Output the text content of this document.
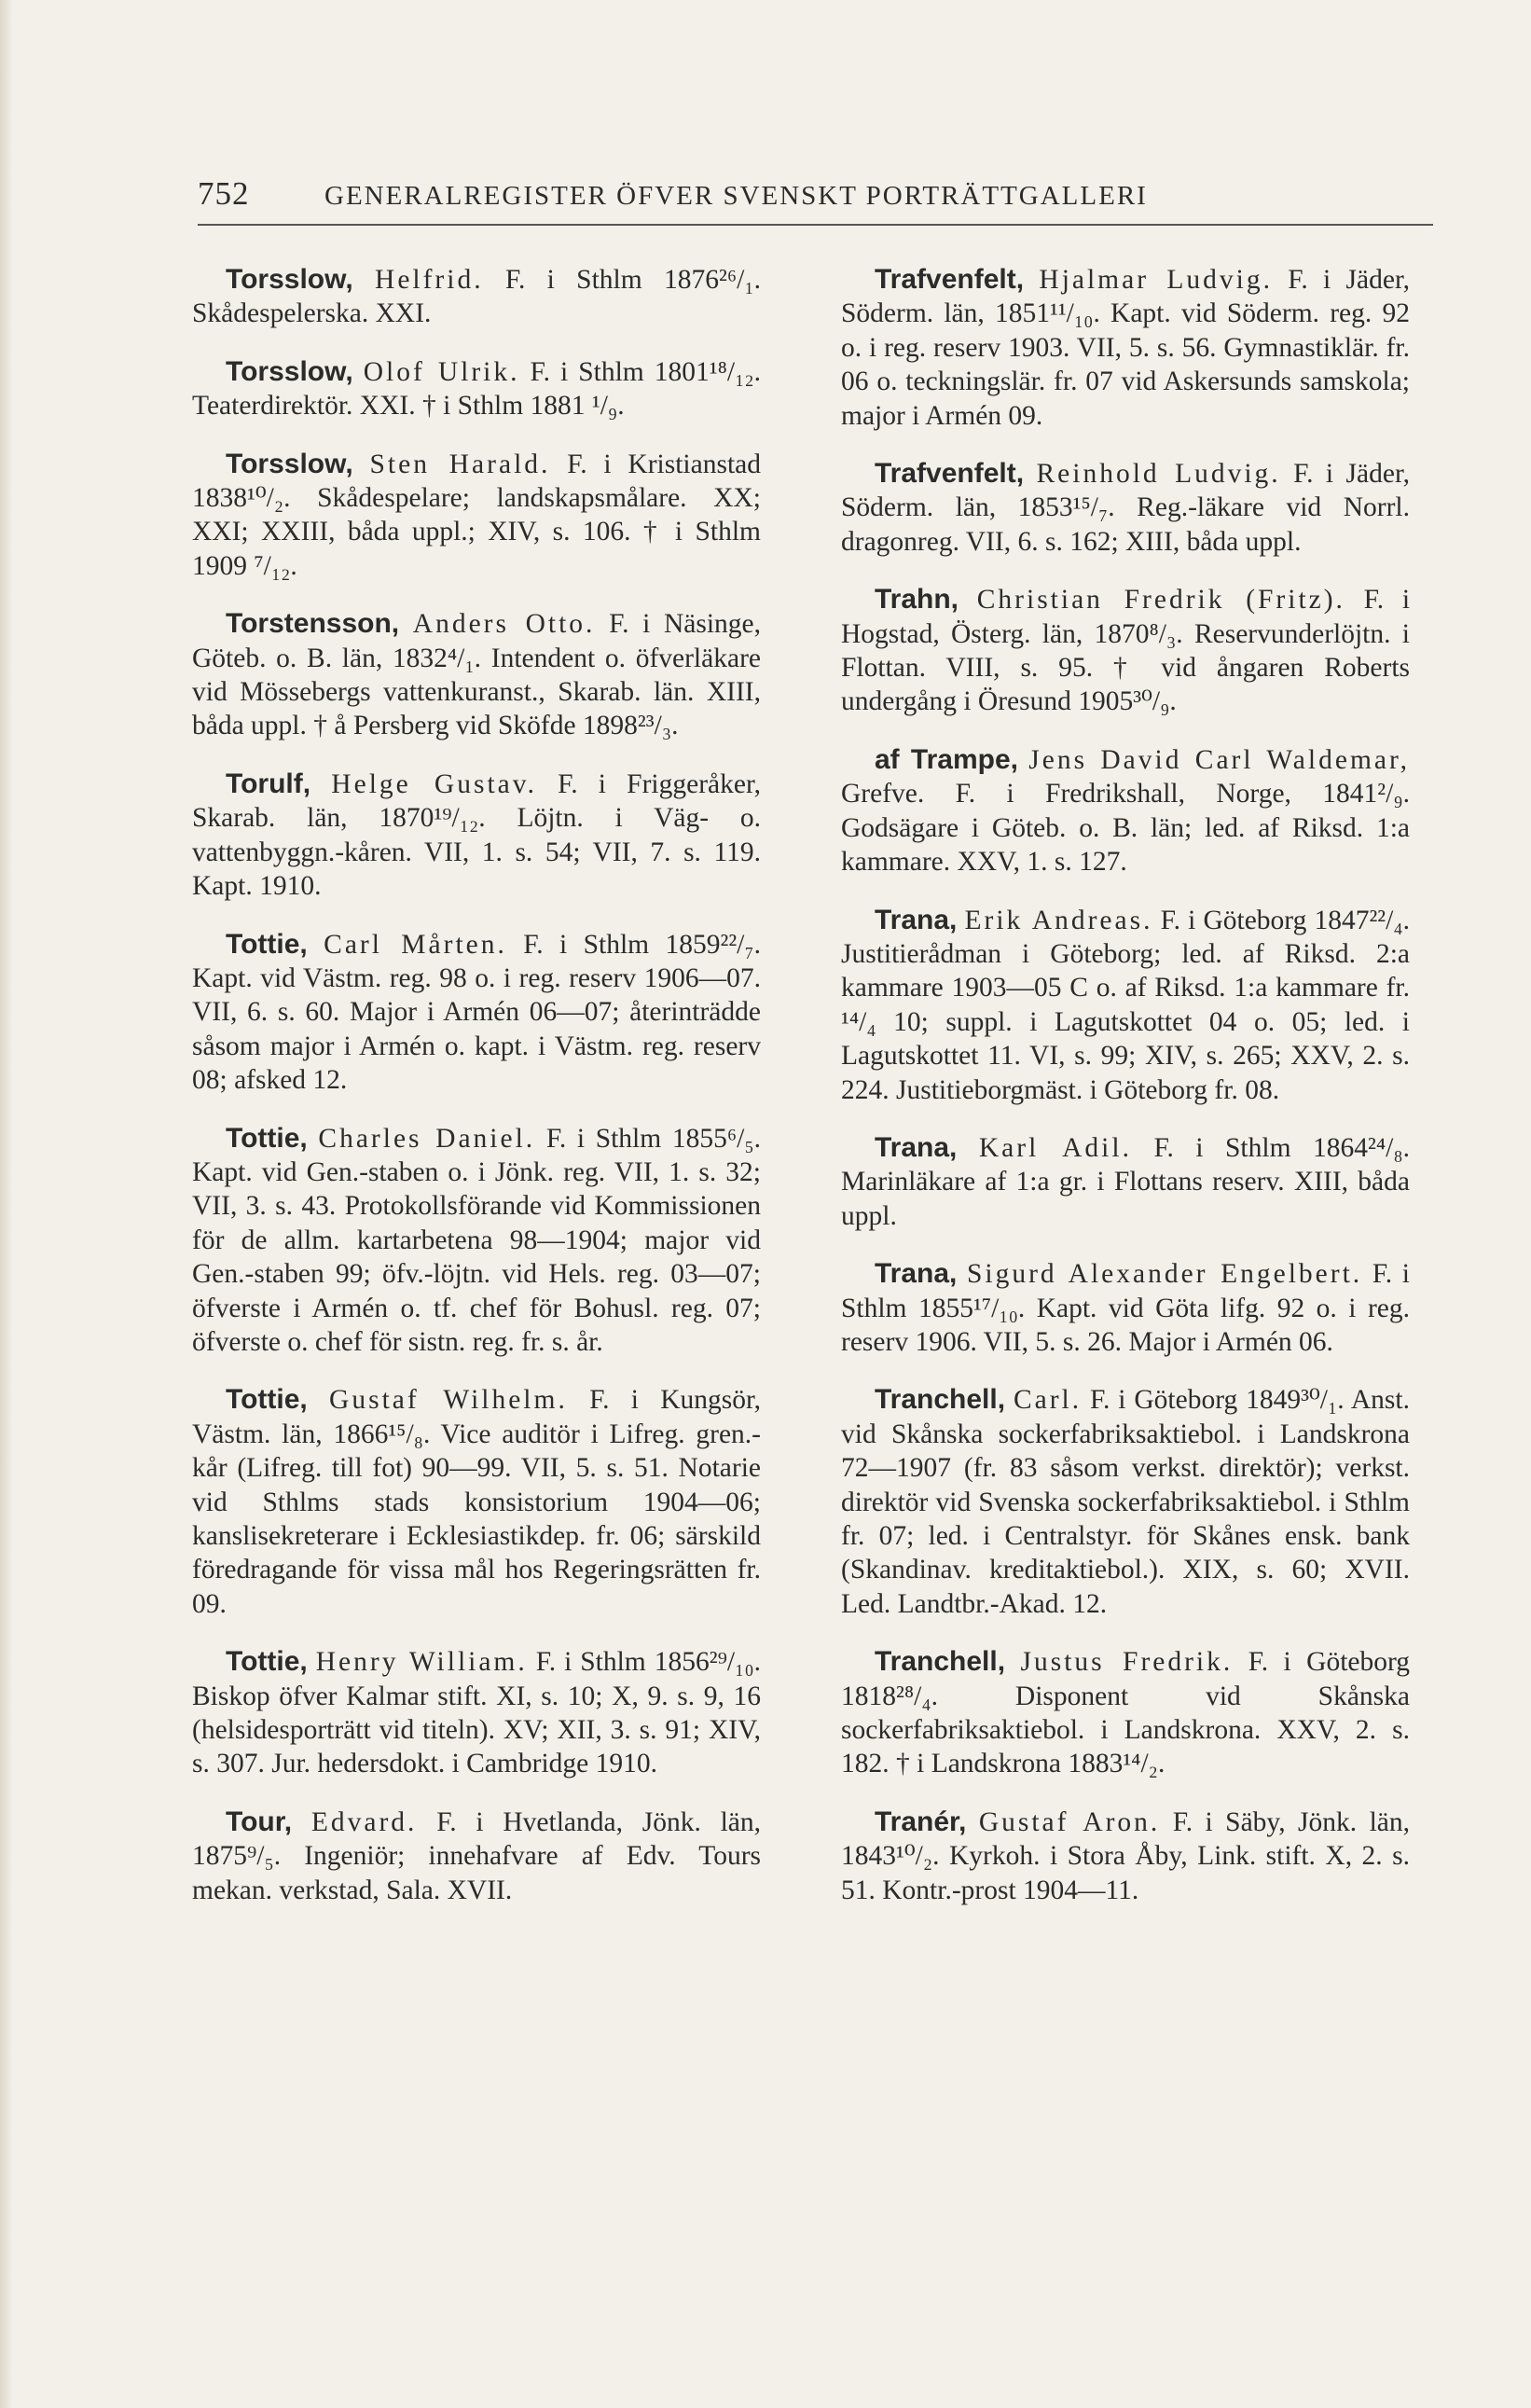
752	GENERALREGISTER ÖFVER SVENSKT PORTRÄTTGALLERI

Torsslow, Helfrid. F. i Sthlm 1876²⁶/₁. Skådespelerska. XXI.

Torsslow, Olof Ulrik. F. i Sthlm 1801¹⁸/₁₂. Teaterdirektör. XXI. † i Sthlm 1881 ¹/₉.

Torsslow, Sten Harald. F. i Kristianstad 1838¹⁰/₂. Skådespelare; landskapsmålare. XX; XXI; XXIII, båda uppl.; XIV, s. 106. † i Sthlm 1909 ⁷/₁₂.

Torstensson, Anders Otto. F. i Näsinge, Göteb. o. B. län, 1832⁴/₁. Intendent o. öfverläkare vid Mössebergs vattenkuranst., Skarab. län. XIII, båda uppl. † å Persberg vid Sköfde 1898²³/₃.

Torulf, Helge Gustav. F. i Friggeråker, Skarab. län, 1870¹⁹/₁₂. Löjtn. i Väg- o. vattenbyggn.-kåren. VII, 1. s. 54; VII, 7. s. 119. Kapt. 1910.

Tottie, Carl Mårten. F. i Sthlm 1859²²/₇. Kapt. vid Västm. reg. 98 o. i reg. reserv 1906—07. VII, 6. s. 60. Major i Armén 06—07; återinträdde såsom major i Armén o. kapt. i Västm. reg. reserv 08; afsked 12.

Tottie, Charles Daniel. F. i Sthlm 1855⁶/₅. Kapt. vid Gen.-staben o. i Jönk. reg. VII, 1. s. 32; VII, 3. s. 43. Protokollsförande vid Kommissionen för de allm. kartarbetena 98—1904; major vid Gen.-staben 99; öfv.-löjtn. vid Hels. reg. 03—07; öfverste i Armén o. tf. chef för Bohusl. reg. 07; öfverste o. chef för sistn. reg. fr. s. år.

Tottie, Gustaf Wilhelm. F. i Kungsör, Västm. län, 1866¹⁵/₈. Vice auditör i Lifreg. gren.-kår (Lifreg. till fot) 90—99. VII, 5. s. 51. Notarie vid Sthlms stads konsistorium 1904—06; kanslisekreterare i Ecklesiastikdep. fr. 06; särskild föredragande för vissa mål hos Regeringsrätten fr. 09.

Tottie, Henry William. F. i Sthlm 1856²⁹/₁₀. Biskop öfver Kalmar stift. XI, s. 10; X, 9. s. 9, 16 (helsidesporträtt vid titeln). XV; XII, 3. s. 91; XIV, s. 307. Jur. hedersdokt. i Cambridge 1910.

Tour, Edvard. F. i Hvetlanda, Jönk. län, 1875⁹/₅. Ingeniör; innehafvare af Edv. Tours mekan. verkstad, Sala. XVII.

Trafvenfelt, Hjalmar Ludvig. F. i Jäder, Söderm. län, 1851¹¹/₁₀. Kapt. vid Söderm. reg. 92 o. i reg. reserv 1903. VII, 5. s. 56. Gymnastiklär. fr. 06 o. teckningslär. fr. 07 vid Askersunds samskola; major i Armén 09.

Trafvenfelt, Reinhold Ludvig. F. i Jäder, Söderm. län, 1853¹⁵/₇. Reg.-läkare vid Norrl. dragonreg. VII, 6. s. 162; XIII, båda uppl.

Trahn, Christian Fredrik (Fritz). F. i Hogstad, Österg. län, 1870⁸/₃. Reservunderlöjtn. i Flottan. VIII, s. 95. † vid ångaren Roberts undergång i Öresund 1905³⁰/₉.

af Trampe, Jens David Carl Waldemar, Grefve. F. i Fredrikshall, Norge, 1841²/₉. Godsägare i Göteb. o. B. län; led. af Riksd. 1:a kammare. XXV, 1. s. 127.

Trana, Erik Andreas. F. i Göteborg 1847²²/₄. Justitierådman i Göteborg; led. af Riksd. 2:a kammare 1903—05 C o. af Riksd. 1:a kammare fr. ¹⁴/₄ 10; suppl. i Lagutskottet 04 o. 05; led. i Lagutskottet 11. VI, s. 99; XIV, s. 265; XXV, 2. s. 224. Justitieborgmäst. i Göteborg fr. 08.

Trana, Karl Adil. F. i Sthlm 1864²⁴/₈. Marinläkare af 1:a gr. i Flottans reserv. XIII, båda uppl.

Trana, Sigurd Alexander Engelbert. F. i Sthlm 1855¹⁷/₁₀. Kapt. vid Göta lifg. 92 o. i reg. reserv 1906. VII, 5. s. 26. Major i Armén 06.

Tranchell, Carl. F. i Göteborg 1849³⁰/₁. Anst. vid Skånska sockerfabriksaktiebol. i Landskrona 72—1907 (fr. 83 såsom verkst. direktör); verkst. direktör vid Svenska sockerfabriksaktiebol. i Sthlm fr. 07; led. i Centralstyr. för Skånes ensk. bank (Skandinav. kreditaktiebol.). XIX, s. 60; XVII. Led. Landtbr.-Akad. 12.

Tranchell, Justus Fredrik. F. i Göteborg 1818²⁸/₄. Disponent vid Skånska sockerfabriksaktiebol. i Landskrona. XXV, 2. s. 182. † i Landskrona 1883¹⁴/₂.

Tranér, Gustaf Aron. F. i Säby, Jönk. län, 1843¹⁰/₂. Kyrkoh. i Stora Åby, Link. stift. X, 2. s. 51. Kontr.-prost 1904—11.
